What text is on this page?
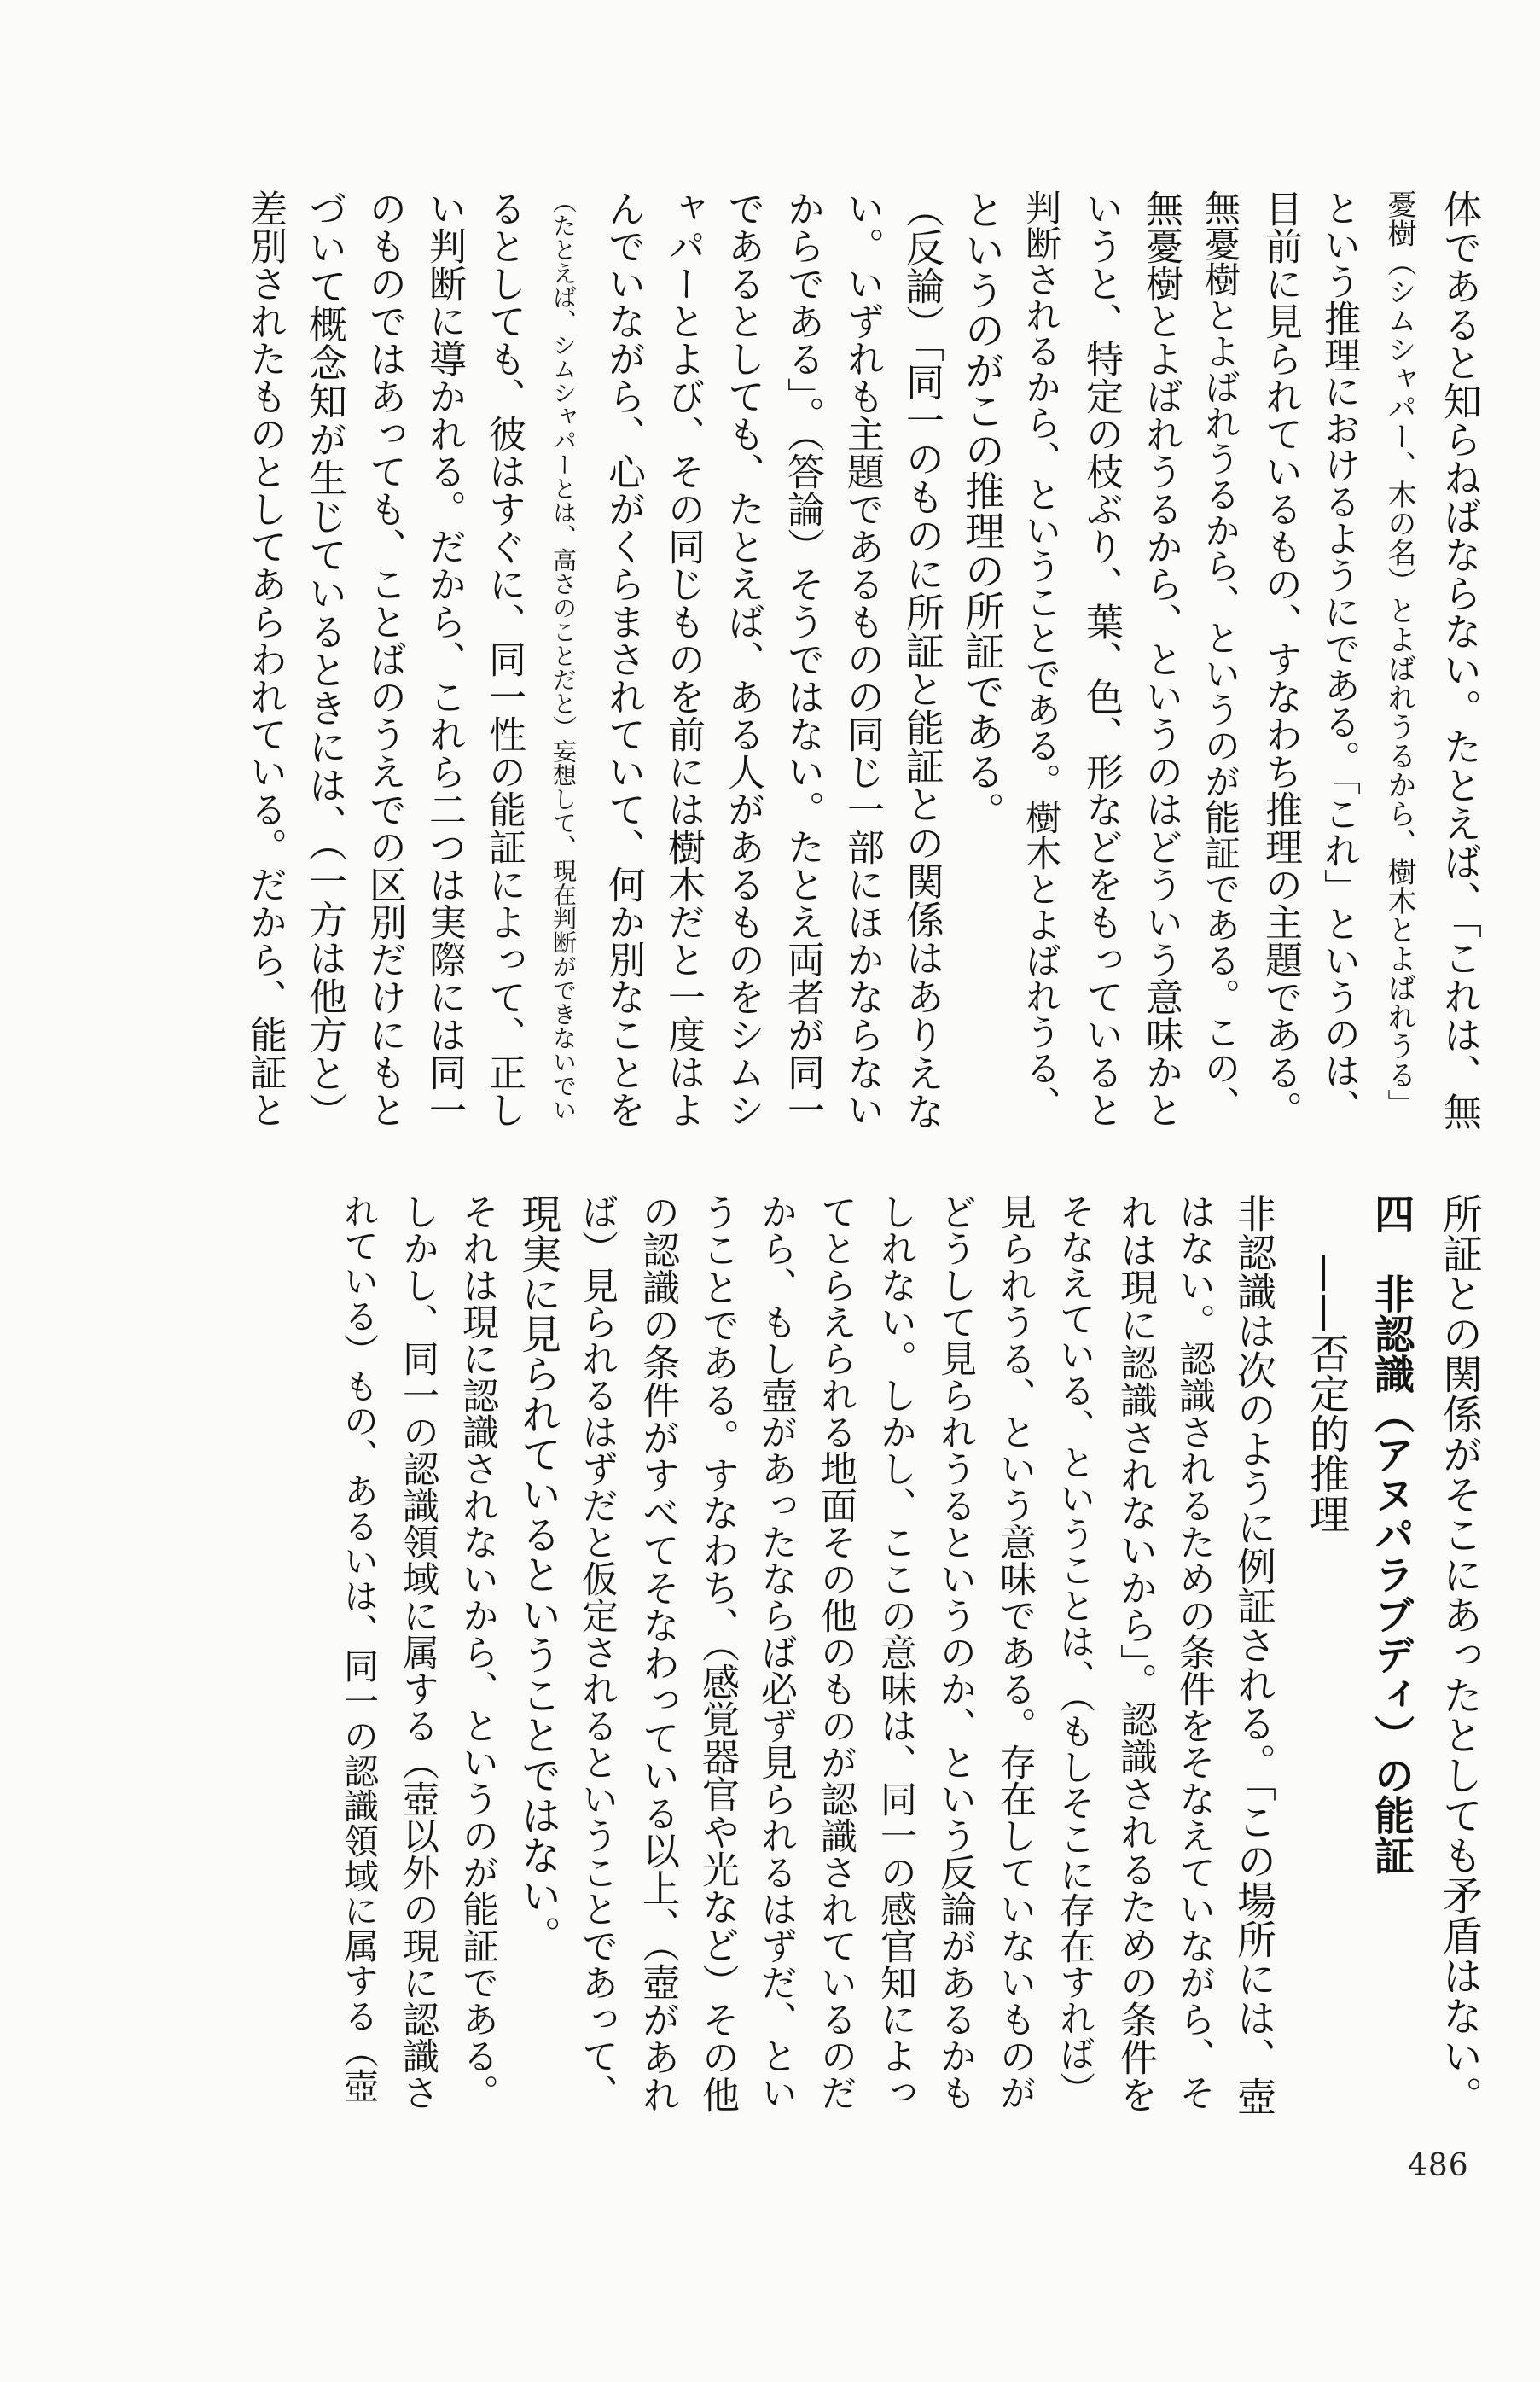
体であると知らねばならない。たとえば、「これは、無
憂樹（シムシャパー、木の名）とよばれうるから、樹木とよばれうる」
という推理におけるようにである。「これ」というのは、
目前に見られているもの、すなわち推理の主題である。
無憂樹とよばれうるから、というのが能証である。この、
無憂樹とよばれうるから、というのはどういう意味かと
いうと、特定の枝ぶり、葉、色、形などをもっていると
判断されるから、ということである。樹木とよばれうる、
というのがこの推理の所証である。
（反論）「同一のものに所証と能証との関係はありえな
い。いずれも主題であるものの同じ一部にほかならない
からである」。（答論）そうではない。たとえ両者が同一
であるとしても、たとえば、ある人があるものをシムシ
ャパーとよび、その同じものを前には樹木だと一度はよ
んでいながら、心がくらまされていて、何か別なことを
（たとえば、シムシャパーとは、高さのことだと）妄想して、現在判断ができないでい
るとしても、彼はすぐに、同一性の能証によって、正し
い判断に導かれる。だから、これら二つは実際には同一
のものではあっても、ことばのうえでの区別だけにもと
づいて概念知が生じているときには、（一方は他方と）
差別されたものとしてあらわれている。だから、能証と
所証との関係がそこにあったとしても矛盾はない。
四　非認識（アヌパラブディ）の能証
——否定的推理
非認識は次のように例証される。「この場所には、壺
はない。認識されるための条件をそなえていながら、そ
れは現に認識されないから」。認識されるための条件を
そなえている、ということは、（もしそこに存在すれば）
見られうる、という意味である。存在していないものが
どうして見られうるというのか、という反論があるかも
しれない。しかし、ここの意味は、同一の感官知によっ
てとらえられる地面その他のものが認識されているのだ
から、もし壺があったならば必ず見られるはずだ、とい
うことである。すなわち、（感覚器官や光など）その他
の認識の条件がすべてそなわっている以上、（壺があれ
ば）見られるはずだと仮定されるということであって、
現実に見られているということではない。
それは現に認識されないから、というのが能証である。
しかし、同一の認識領域に属する（壺以外の現に認識さ
れている）もの、あるいは、同一の認識領域に属する（壺
486
